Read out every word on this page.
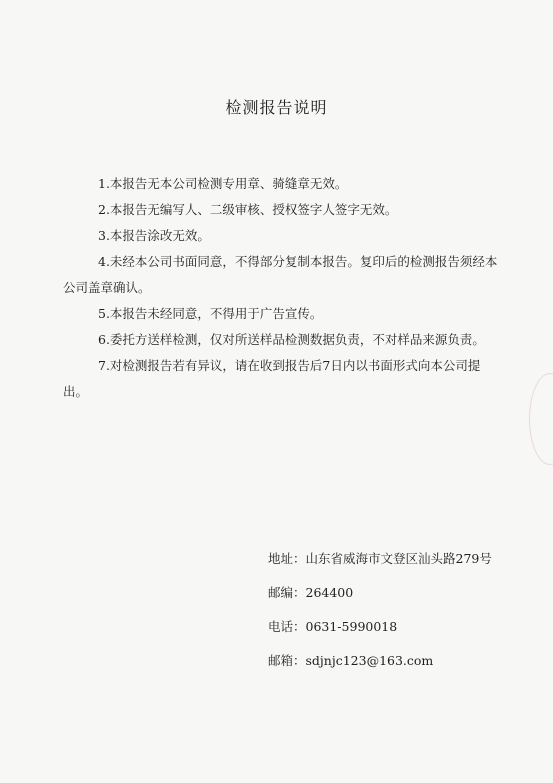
检测报告说明
1.本报告无本公司检测专用章、骑缝章无效。
2.本报告无编写人、二级审核、授权签字人签字无效。
3.本报告涂改无效。
4.未经本公司书面同意，不得部分复制本报告。复印后的检测报告须经本公司盖章确认。
5.本报告未经同意，不得用于广告宣传。
6.委托方送样检测，仅对所送样品检测数据负责，不对样品来源负责。
7.对检测报告若有异议，请在收到报告后7日内以书面形式向本公司提出。
地址：山东省威海市文登区汕头路279号
邮编：264400
电话：0631-5990018
邮箱：sdjnjc123@163.com
